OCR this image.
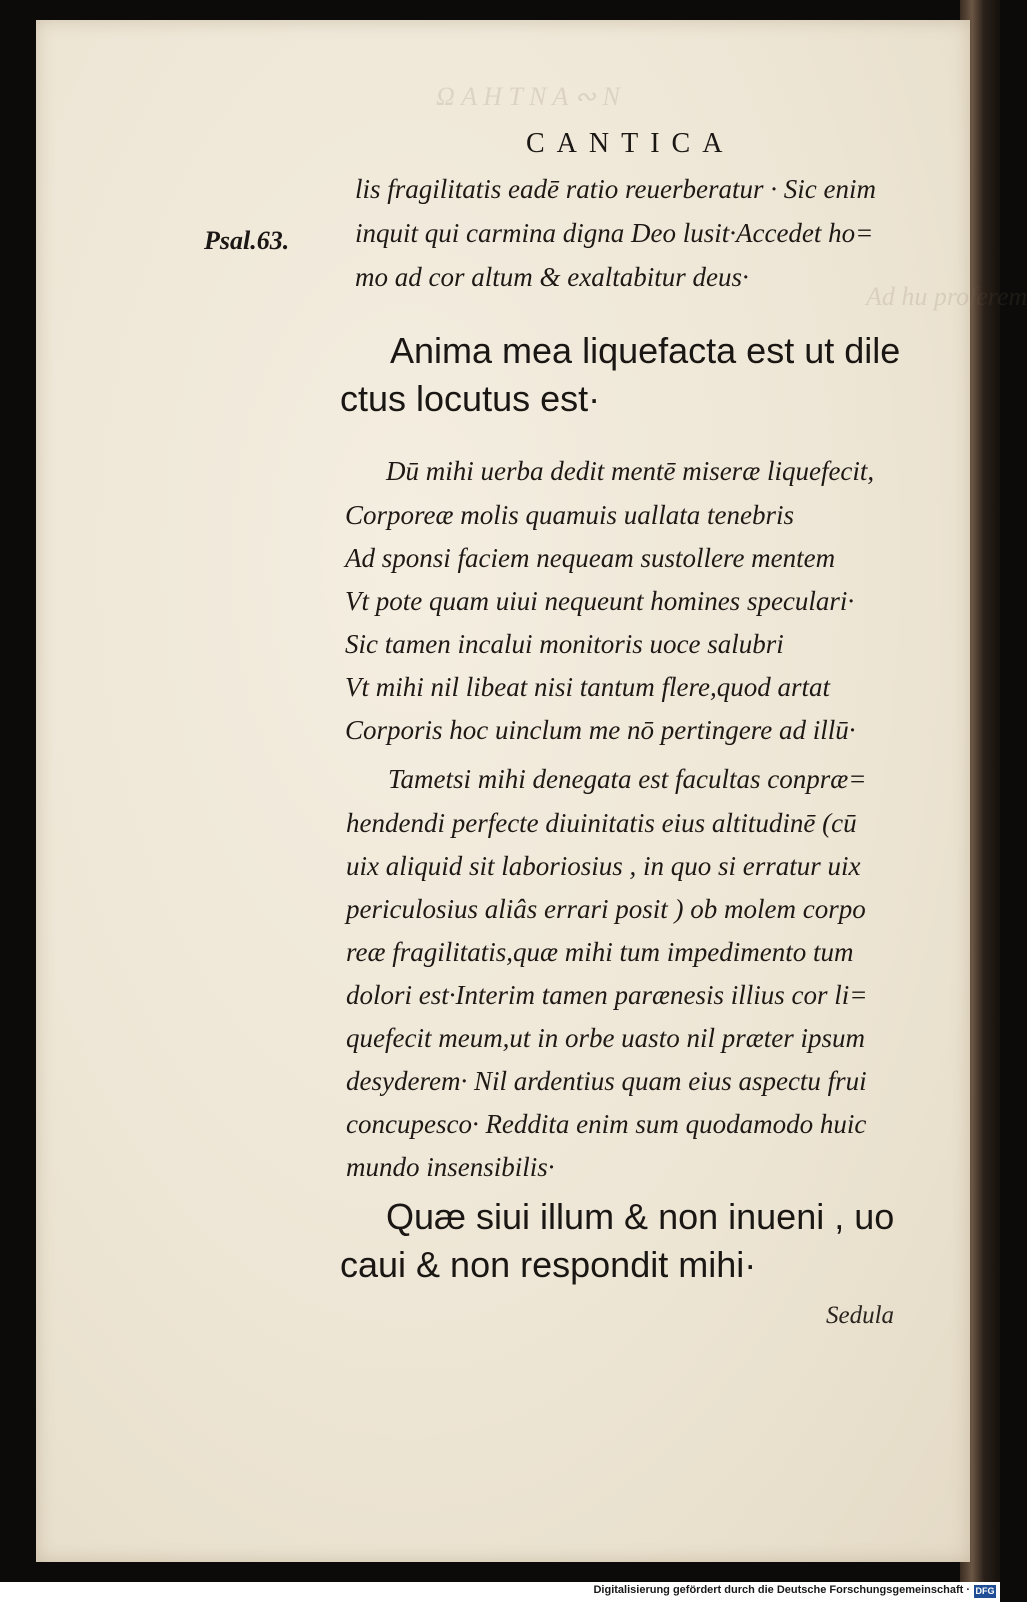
Ω A H T N A ∾ N
Ad hu proferem
CANTICA
Psal.63.
lis fragilitatis eadē ratio reuerberatur · Sic enim
inquit qui carmina digna Deo lusit·Accedet ho=
mo ad cor altum & exaltabitur deus·
Anima mea liquefacta est ut dile
ctus locutus est·
Dū mihi uerba dedit mentē miseræ liquefecit,
Corporeæ molis quamuis uallata tenebris
Ad sponsi faciem nequeam sustollere mentem
Vt pote quam uiui nequeunt homines speculari·
Sic tamen incalui monitoris uoce salubri
Vt mihi nil libeat nisi tantum flere,quod artat
Corporis hoc uinclum me nō pertingere ad illū·
Tametsi mihi denegata est facultas conpræ=
hendendi perfecte diuinitatis eius altitudinē (cū
uix aliquid sit laboriosius , in quo si erratur uix
periculosius aliâs errari posit ) ob molem corpo
reæ fragilitatis,quæ mihi tum impedimento tum
dolori est·Interim tamen parænesis illius cor li=
quefecit meum,ut in orbe uasto nil præter ipsum
desyderem· Nil ardentius quam eius aspectu frui
concupesco· Reddita enim sum quodamodo huic
mundo insensibilis·
Quæ siui illum & non inueni , uo
caui & non respondit mihi·
Sedula
Digitalisierung gefördert durch die Deutsche Forschungsgemeinschaft · DFG
